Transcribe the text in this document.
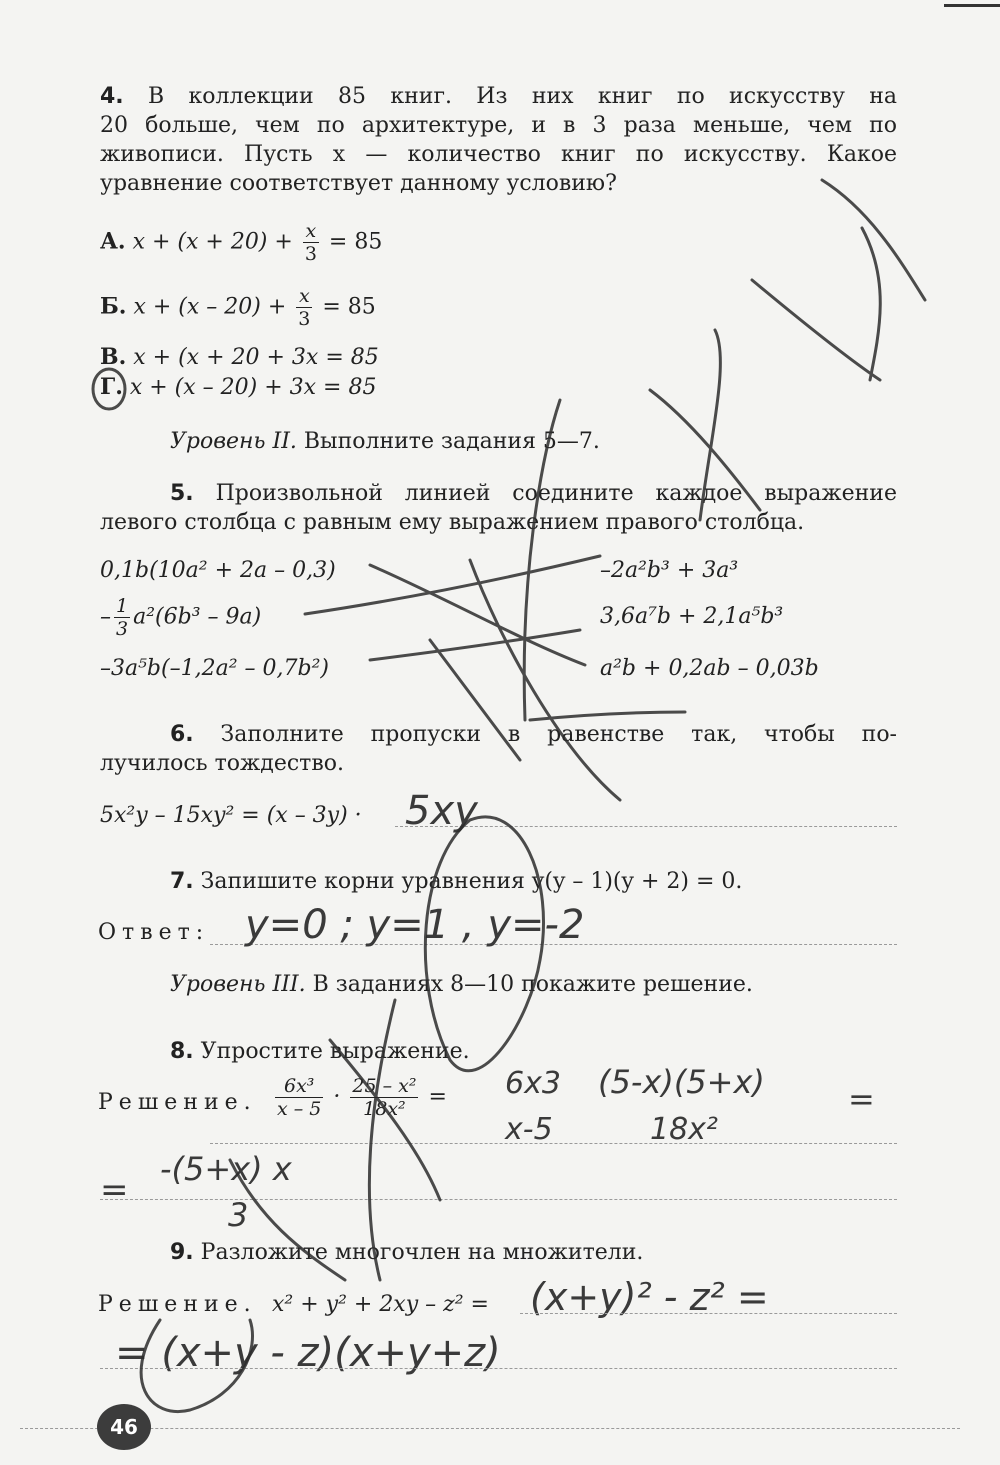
4. В коллекции 85 книг. Из них книг по искусству на
20 больше, чем по архитектуре, и в 3 раза меньше, чем по
живописи. Пусть x — количество книг по искусству. Какое
уравнение соответствует данному условию?
А. $x + (x + 20) + \frac{x}{3} = 85$
Б. $x + (x - 20) + \frac{x}{3} = 85$
В. x + (x + 20 + 3x = 85
Г. x + (x – 20) + 3x = 85
Уровень II. Выполните задания 5—7.
5. Произвольной линией соедините каждое выражение
левого столбца с равным ему выражением правого столбца.
0,1b(10a² + 2a – 0,3)
– $\frac{1}{3} a^2(6b^3 - 9a)$
–3a⁵b(–1,2a² – 0,7b²)
–2a²b³ + 3a³
3,6a⁷b + 2,1a⁵b³
a²b + 0,2ab – 0,03b
6. Заполните пропуски в равенстве так, чтобы по-
лучилось тождество.
5x²y – 15xy² = (x – 3y) · 5xy
7. Запишите корни уравнения y(y – 1)(y + 2) = 0.
Ответ: y=0 ; y=1 , y=-2
Уровень III. В заданиях 8—10 покажите решение.
8. Упростите выражение.
Решение. $\frac{\text{6x³}}{x - 5} \cdot \frac{\text{25 – x²}}{\text{18x²}} = 6x3$
x-5
(5-x)(5+x)
18x²
=
=
-(5+x) x
3
9. Разложите многочлен на множители.
Решение. x² + y² + 2xy – z² = (x+y)² - z² =
= (x+y - z)(x+y+z)
46
